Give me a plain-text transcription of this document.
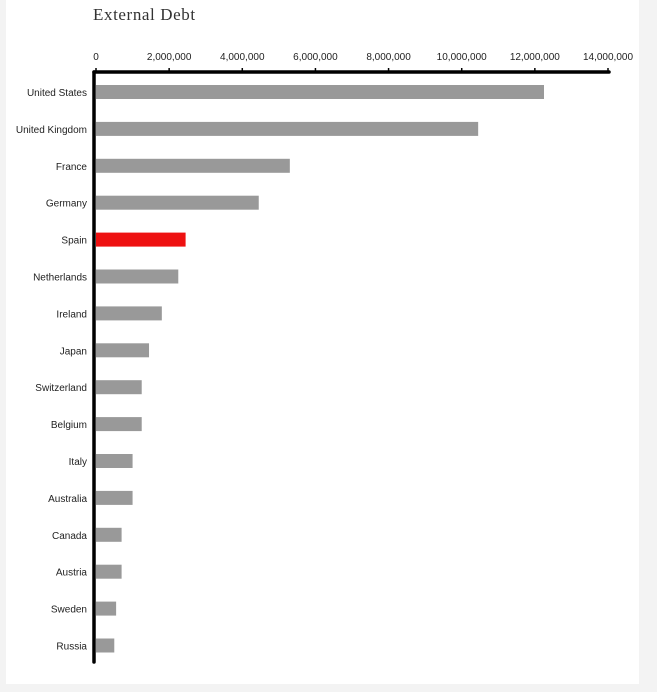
External Debt
0	2,000,000	4,000,000	6,000,000	8,000,000	10,000,000 12,000,000 14,000,000
United States
United Kingdom
France
Germany
Spain
Netherlands
Ireland
Japan
Switzerland
Belgium
Italy
Australia
Canada
Austria
Sweden
Russia
